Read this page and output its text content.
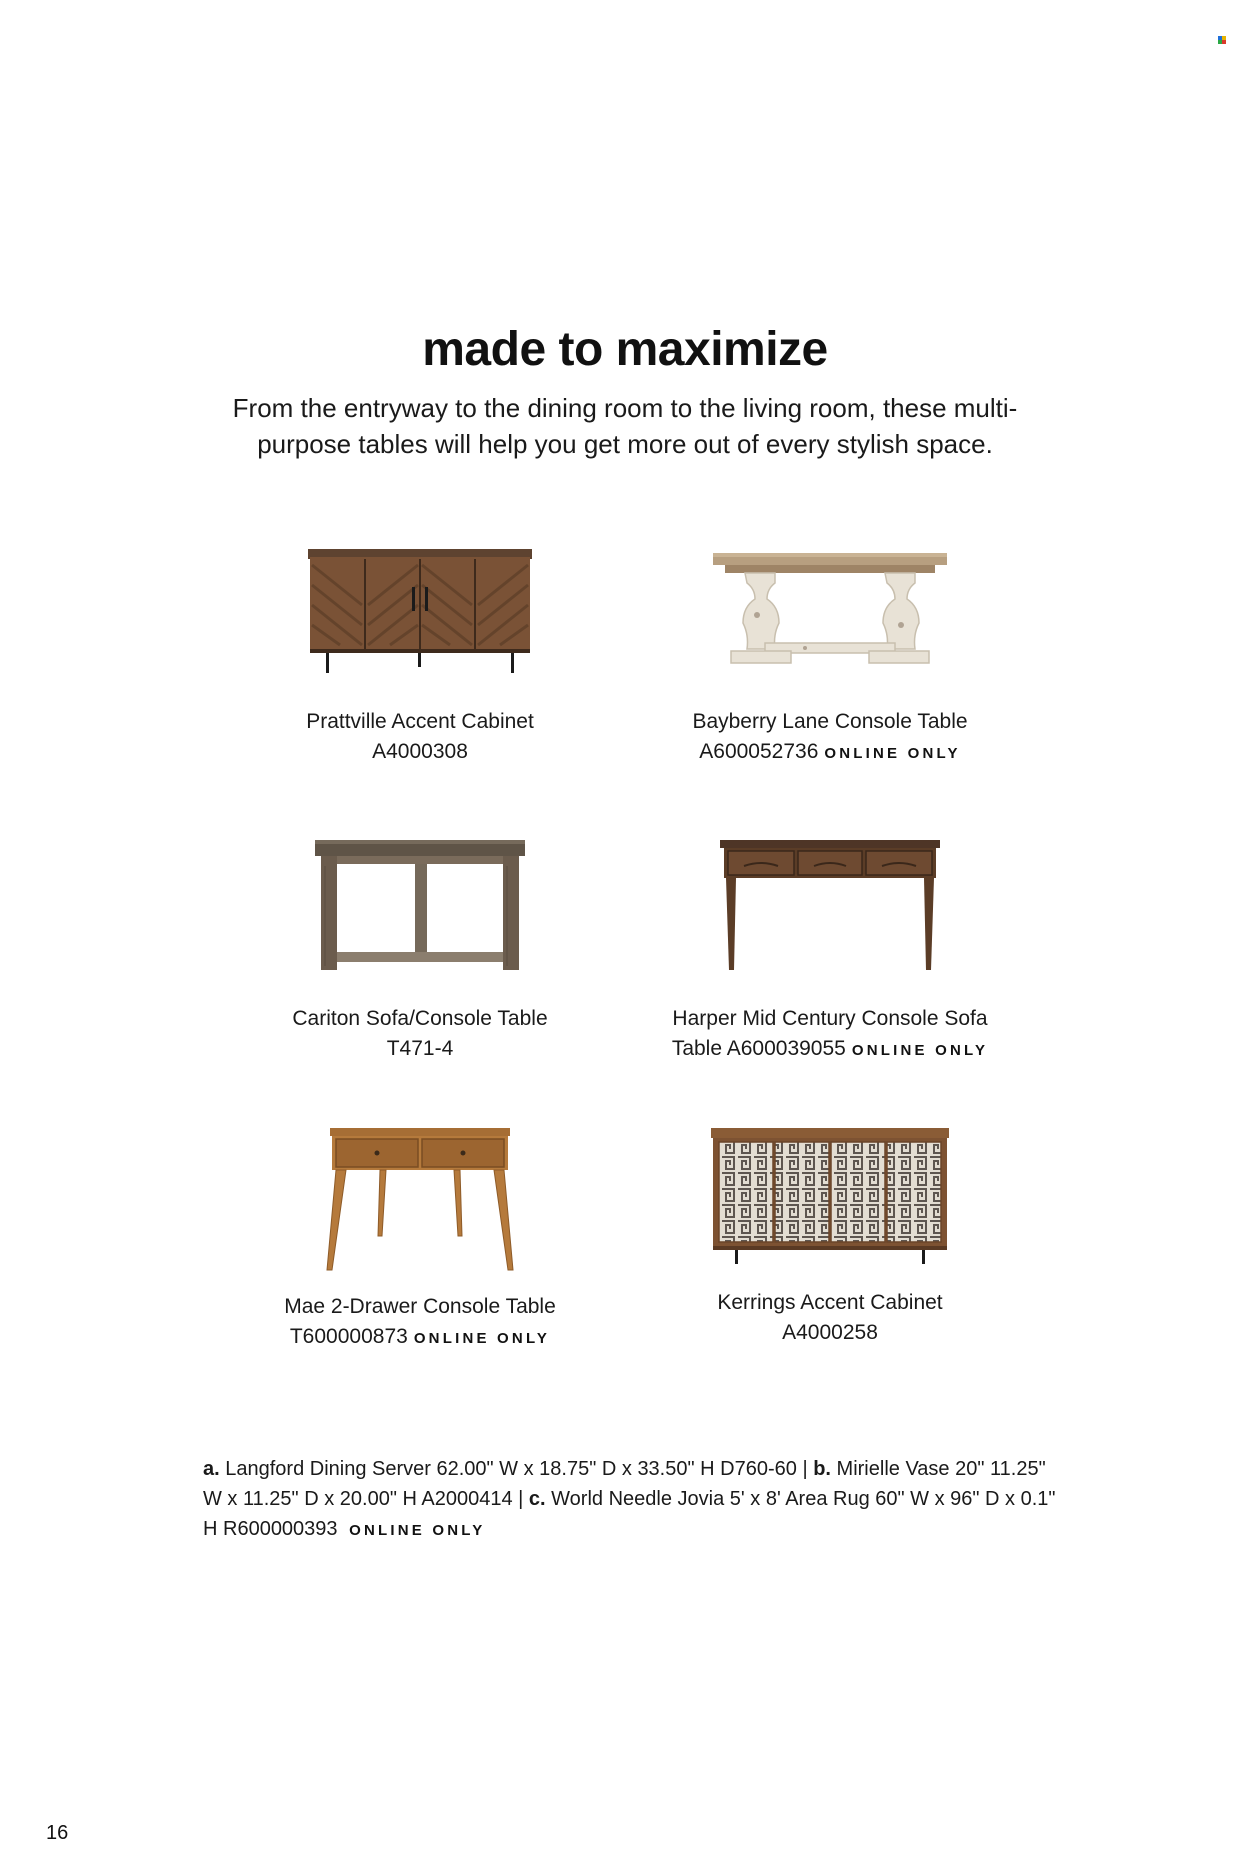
made to maximize

From the entryway to the dining room to the living room, these multi-purpose tables will help you get more out of every stylish space.

Prattville Accent Cabinet
A4000308
Bayberry Lane Console Table
A600052736 ONLINE ONLY
Cariton Sofa/Console Table
T471-4
Harper Mid Century Console Sofa
Table A600039055 ONLINE ONLY
Mae 2-Drawer Console Table
T600000873 ONLINE ONLY
Kerrings Accent Cabinet
A4000258
a. Langford Dining Server 62.00" W x 18.75" D x 33.50" H D760-60 | b. Mirielle Vase 20" 11.25" W x 11.25" D x 20.00" H A2000414 | c. World Needle Jovia 5' x 8' Area Rug 60" W x 96" D x 0.1" H R600000393 ONLINE ONLY
16
